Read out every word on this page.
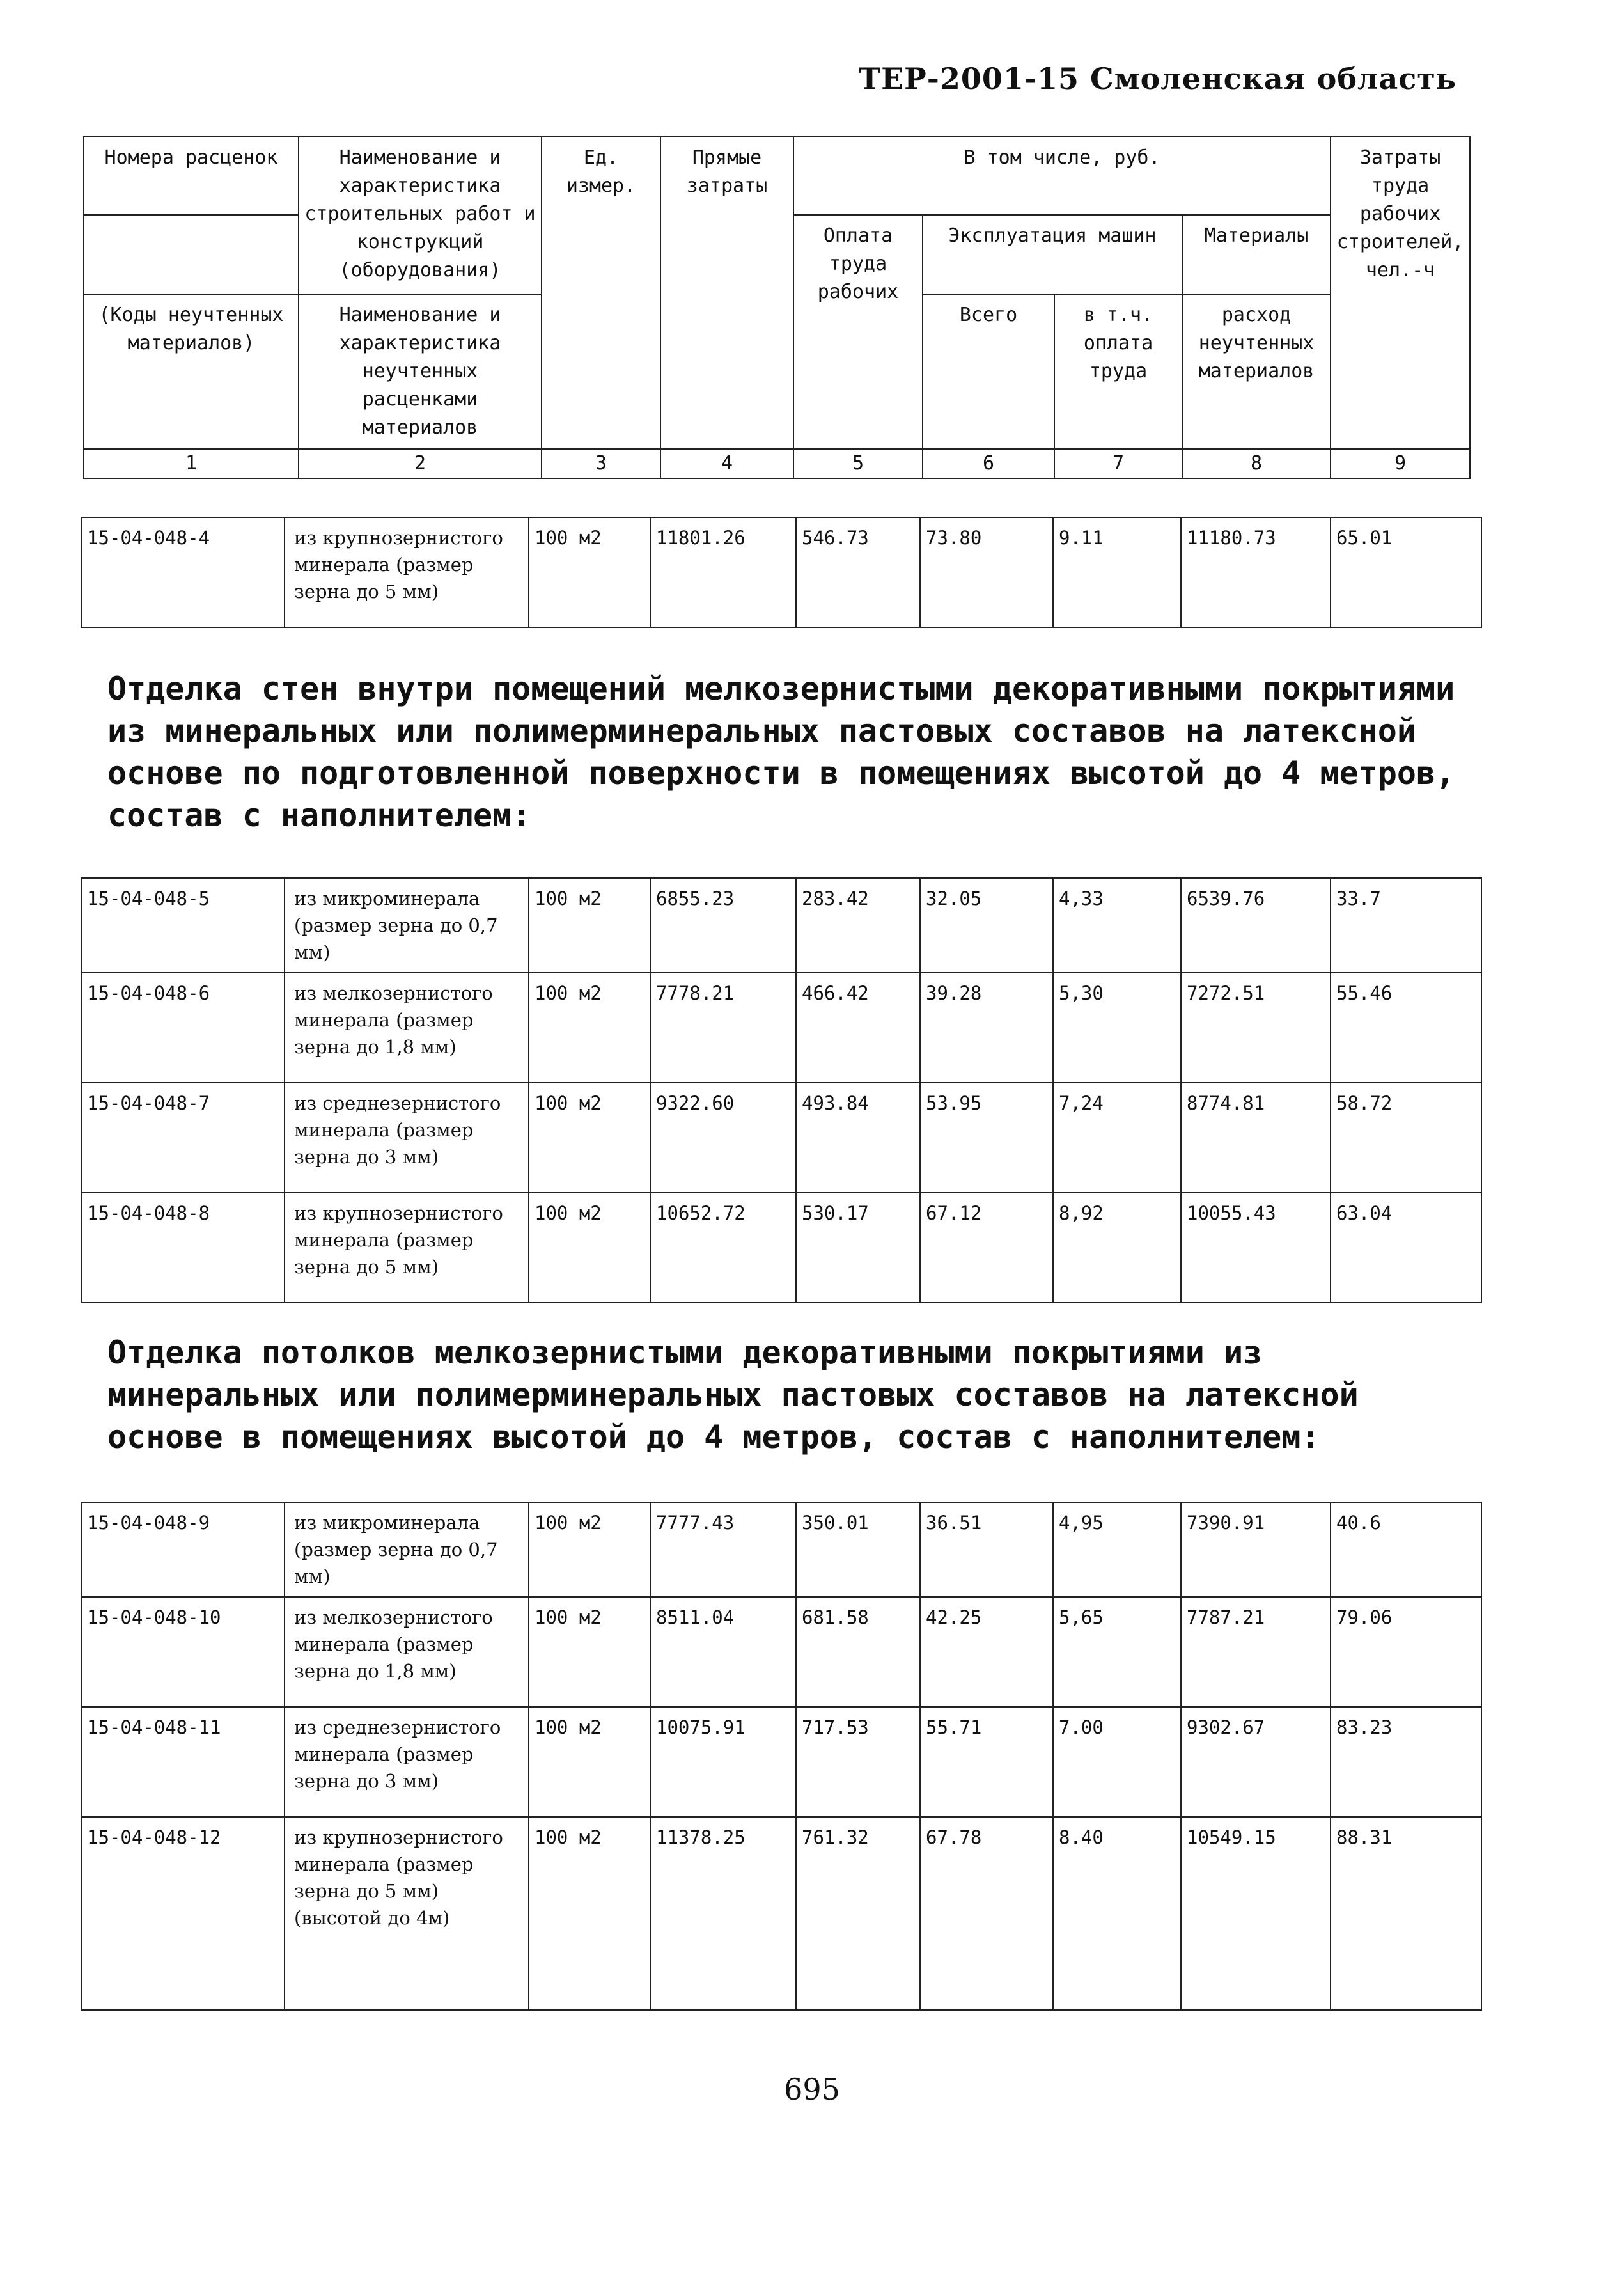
ТЕР-2001-15 Смоленская область
Номера расценок	Наименование и характеристика строительных работ и конструкций (оборудования)	Ед. измер.	Прямые затраты	В том числе, руб.				Затраты труда рабочих строителей, чел.-ч
				Оплата труда рабочих	Эксплуатация машин		Материалы	
(Коды неучтенных материалов)	Наименование и характеристика неучтенных расценками материалов				Всего	в т.ч. оплата труда	расход неучтенных материалов	
1	2	3	4	5	6	7	8	9
15-04-048-4	из крупнозернистого минерала (размер зерна до 5 мм)	100 м2	11801.26	546.73	73.80	9.11	11180.73	65.01
Отделка стен внутри помещений мелкозернистыми декоративными покрытиями из минеральных или полимерминеральных пастовых составов на латексной основе по подготовленной поверхности в помещениях высотой до 4 метров, состав с наполнителем:
15-04-048-5	из микроминерала (размер зерна до 0,7 мм)	100 м2	6855.23	283.42	32.05	4,33	6539.76	33.7
15-04-048-6	из мелкозернистого минерала (размер зерна до 1,8 мм)	100 м2	7778.21	466.42	39.28	5,30	7272.51	55.46
15-04-048-7	из среднезернистого минерала (размер зерна до 3 мм)	100 м2	9322.60	493.84	53.95	7,24	8774.81	58.72
15-04-048-8	из крупнозернистого минерала (размер зерна до 5 мм)	100 м2	10652.72	530.17	67.12	8,92	10055.43	63.04
Отделка потолков мелкозернистыми декоративными покрытиями из минеральных или полимерминеральных пастовых составов на латексной основе в помещениях высотой до 4 метров, состав с наполнителем:
15-04-048-9	из микроминерала (размер зерна до 0,7 мм)	100 м2	7777.43	350.01	36.51	4,95	7390.91	40.6
15-04-048-10	из мелкозернистого минерала (размер зерна до 1,8 мм)	100 м2	8511.04	681.58	42.25	5,65	7787.21	79.06
15-04-048-11	из среднезернистого минерала (размер зерна до 3 мм)	100 м2	10075.91	717.53	55.71	7.00	9302.67	83.23
15-04-048-12	из крупнозернистого минерала (размер зерна до 5 мм) (высотой до 4м)	100 м2	11378.25	761.32	67.78	8.40	10549.15	88.31
695
